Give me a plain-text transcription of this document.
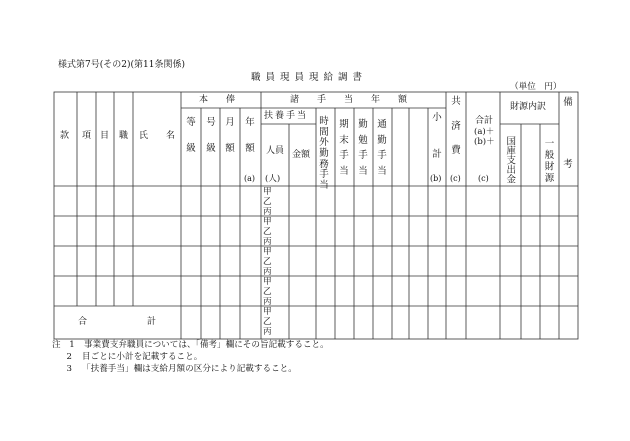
様式第7号(その2)(第11条関係)
職員現員現給調書
（単位　円）
款 項 目 職 氏　　名
本　　俸
等

級
号

級
月

額
年

額
(a)
諸　　手　　当　　年　　額
扶養手当
人員
(人)
金額
時間外勤務手当
期
末
手
当
勤
勉
手
当
通
勤
手
当
小

計
(b)
共

済

費
(c)
合計
(a)＋
(b)＋
(c)
財源内訳
国庫支出金	一般財源
備

考
甲
乙
丙
甲
乙
丙
甲
乙
丙
甲
乙
丙
甲
乙
丙
合	計
注　1 事業費支弁職員については、「備考」欄にその旨記載すること。
2 目ごとに小計を記載すること。
3 「扶養手当」欄は支給月額の区分により記載すること。
